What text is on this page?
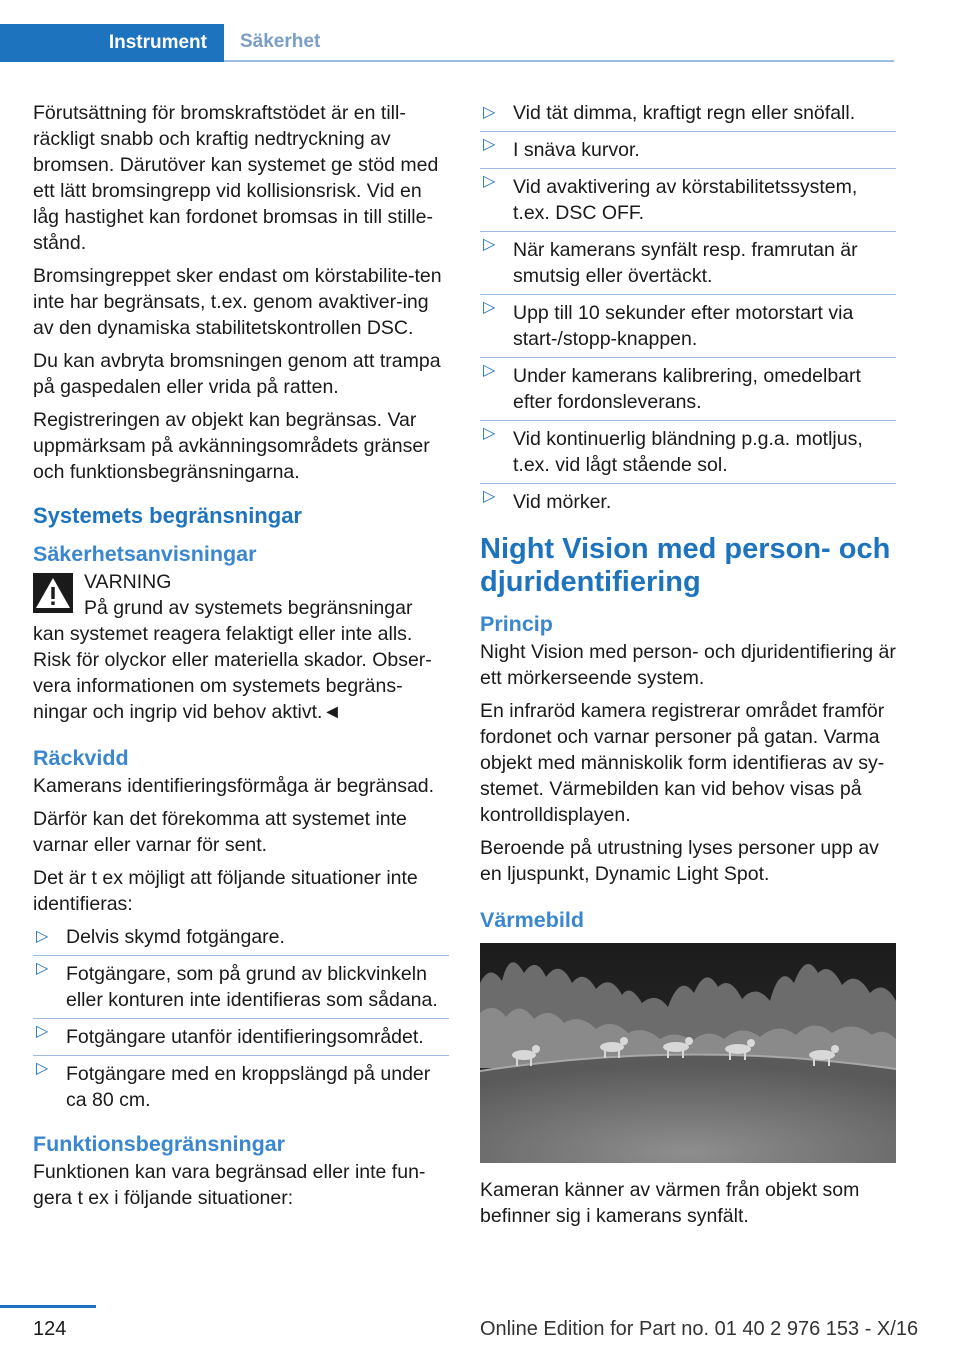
Instrument	Säkerhet

Förutsättning för bromskraftstödet är en till-räckligt snabb och kraftig nedtryckning av bromsen. Därutöver kan systemet ge stöd med ett lätt bromsingrepp vid kollisionsrisk. Vid en låg hastighet kan fordonet bromsas in till stille-stånd.

Bromsingreppet sker endast om körstabilite-ten inte har begränsats, t.ex. genom avaktiver-ing av den dynamiska stabilitetskontrollen DSC.

Du kan avbryta bromsningen genom att trampa på gaspedalen eller vrida på ratten.

Registreringen av objekt kan begränsas. Var uppmärksam på avkänningsområdets gränser och funktionsbegränsningarna.

Systemets begränsningar
Säkerhetsanvisningar
VARNING
På grund av systemets begränsningar

kan systemet reagera felaktigt eller inte alls. Risk för olyckor eller materiella skador. Obser-vera informationen om systemets begräns-ningar och ingrip vid behov aktivt.◄

Räckvidd

Kamerans identifieringsförmåga är begränsad.

Därför kan det förekomma att systemet inte varnar eller varnar för sent.

Det är t ex möjligt att följande situationer inte identifieras:

▷ Delvis skymd fotgängare.
▷ Fotgängare, som på grund av blickvinkeln eller konturen inte identifieras som sådana.
▷ Fotgängare utanför identifieringsområdet.
▷ Fotgängare med en kroppslängd på under ca 80 cm.
Funktionsbegränsningar

Funktionen kan vara begränsad eller inte fun-gera t ex i följande situationer:

▷ Vid tät dimma, kraftigt regn eller snöfall.
▷ I snäva kurvor.
▷ Vid avaktivering av körstabilitetssystem, t.ex. DSC OFF.
▷ När kamerans synfält resp. framrutan är smutsig eller övertäckt.
▷ Upp till 10 sekunder efter motorstart via start-/stopp-knappen.
▷ Under kamerans kalibrering, omedelbart efter fordonsleverans.
▷ Vid kontinuerlig bländning p.g.a. motljus, t.ex. vid lågt stående sol.
▷ Vid mörker.
Night Vision med person- och djuridentifiering
Princip

Night Vision med person- och djuridentifiering är ett mörkerseende system.

En infraröd kamera registrerar området framför fordonet och varnar personer på gatan. Varma objekt med människolik form identifieras av sy-stemet. Värmebilden kan vid behov visas på kontrolldisplayen.

Beroende på utrustning lyses personer upp av en ljuspunkt, Dynamic Light Spot.

Värmebild

Kameran känner av värmen från objekt som befinner sig i kamerans synfält.

124	Online Edition for Part no. 01 40 2 976 153 - X/16
